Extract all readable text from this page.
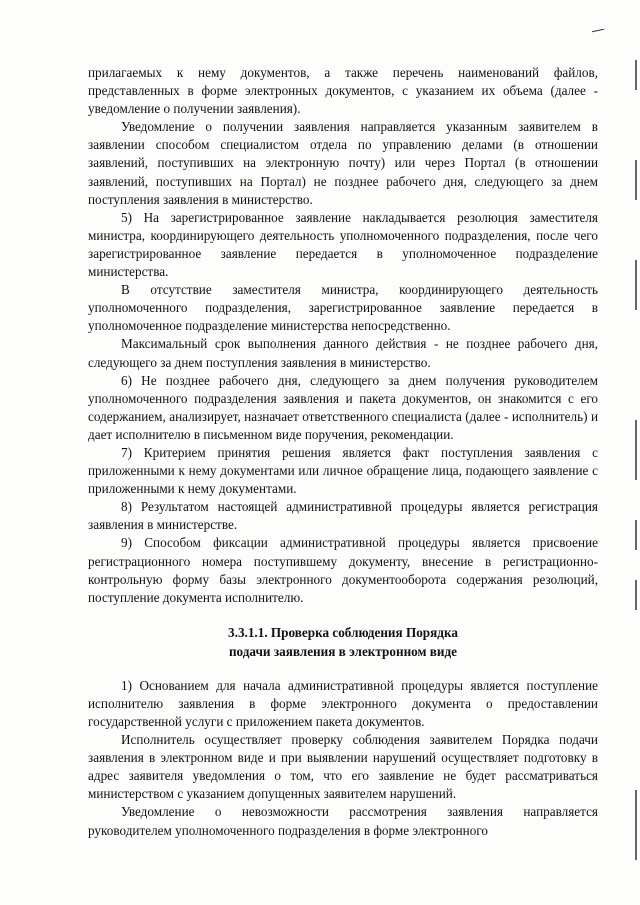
прилагаемых к нему документов, а также перечень наименований файлов, представленных в форме электронных документов, с указанием их объема (далее - уведомление о получении заявления).

Уведомление о получении заявления направляется указанным заявителем в заявлении способом специалистом отдела по управлению делами (в отношении заявлений, поступивших на электронную почту) или через Портал (в отношении заявлений, поступивших на Портал) не позднее рабочего дня, следующего за днем поступления заявления в министерство.

5) На зарегистрированное заявление накладывается резолюция заместителя министра, координирующего деятельность уполномоченного подразделения, после чего зарегистрированное заявление передается в уполномоченное подразделение министерства.

В отсутствие заместителя министра, координирующего деятельность уполномоченного подразделения, зарегистрированное заявление передается в уполномоченное подразделение министерства непосредственно.

Максимальный срок выполнения данного действия - не позднее рабочего дня, следующего за днем поступления заявления в министерство.

6) Не позднее рабочего дня, следующего за днем получения руководителем уполномоченного подразделения заявления и пакета документов, он знакомится с его содержанием, анализирует, назначает ответственного специалиста (далее - исполнитель) и дает исполнителю в письменном виде поручения, рекомендации.

7) Критерием принятия решения является факт поступления заявления с приложенными к нему документами или личное обращение лица, подающего заявление с приложенными к нему документами.

8) Результатом настоящей административной процедуры является регистрация заявления в министерстве.

9) Способом фиксации административной процедуры является присвоение регистрационного номера поступившему документу, внесение в регистрационно-контрольную форму базы электронного документооборота содержания резолюций, поступление документа исполнителю.

3.3.1.1. Проверка соблюдения Порядка
подачи заявления в электронном виде

1) Основанием для начала административной процедуры является поступление исполнителю заявления в форме электронного документа о предоставлении государственной услуги с приложением пакета документов.

Исполнитель осуществляет проверку соблюдения заявителем Порядка подачи заявления в электронном виде и при выявлении нарушений осуществляет подготовку в адрес заявителя уведомления о том, что его заявление не будет рассматриваться министерством с указанием допущенных заявителем нарушений.

Уведомление о невозможности рассмотрения заявления направляется руководителем уполномоченного подразделения в форме электронного
